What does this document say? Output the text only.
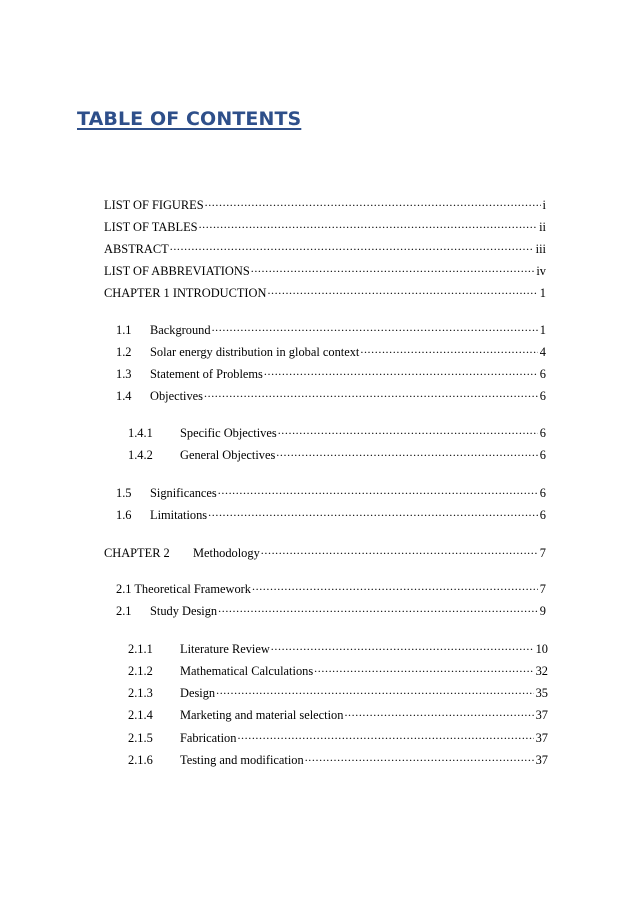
TABLE OF CONTENTS
LIST OF FIGURES .....	i
LIST OF TABLES .....	ii
ABSTRACT .....	iii
LIST OF ABBREVIATIONS .....	iv
CHAPTER 1 INTRODUCTION .....	1
1.1	Background .....	1
1.2	Solar energy distribution in global context .....	4
1.3	Statement of Problems .....	6
1.4	Objectives .....	6
1.4.1	Specific Objectives .....	6
1.4.2	General Objectives .....	6
1.5	Significances .....	6
1.6	Limitations .....	6
CHAPTER 2	Methodology .....	7
2.1 Theoretical Framework .....	7
2.1	Study Design .....	9
2.1.1	Literature Review .....	10
2.1.2	Mathematical Calculations .....	32
2.1.3	Design .....	35
2.1.4	Marketing and material selection .....	37
2.1.5	Fabrication .....	37
2.1.6	Testing and modification .....	37
